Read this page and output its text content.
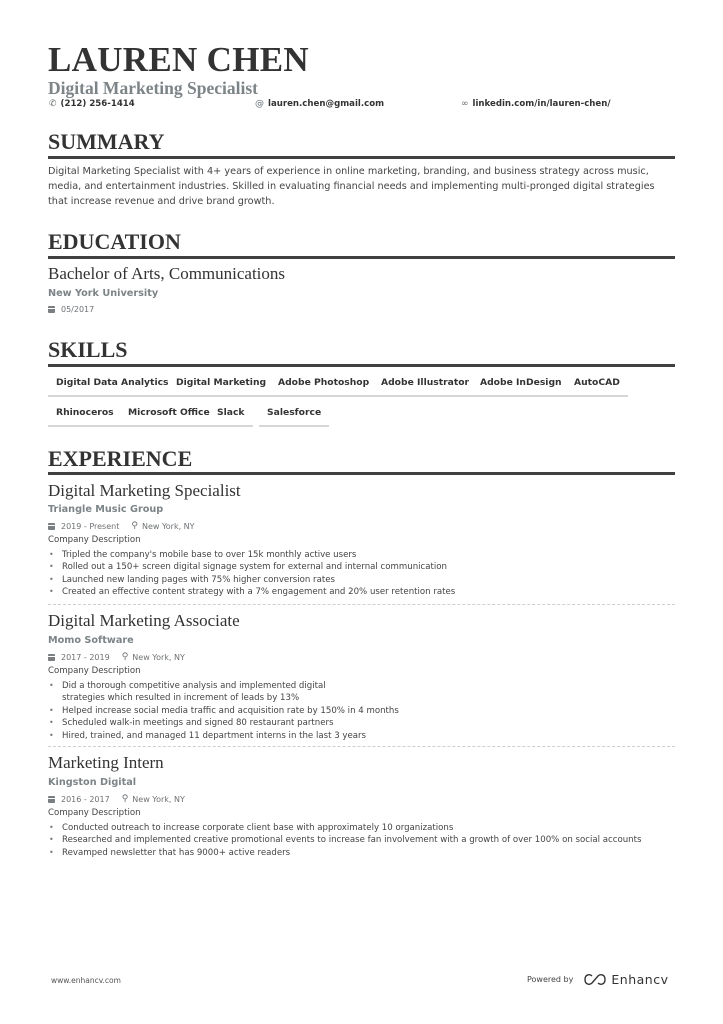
LAUREN CHEN
Digital Marketing Specialist
✆ (212) 256-1414	@ lauren.chen@gmail.com	∞ linkedin.com/in/lauren-chen/
SUMMARY
Digital Marketing Specialist with 4+ years of experience in online marketing, branding, and business strategy across music, media, and entertainment industries. Skilled in evaluating financial needs and implementing multi-pronged digital strategies that increase revenue and drive brand growth.
EDUCATION
Bachelor of Arts, Communications
New York University
05/2017
SKILLS
Digital Data Analytics Digital Marketing	Adobe Photoshop	Adobe Illustrator	Adobe InDesign	AutoCAD
Rhinoceros	Microsoft Office Slack	Salesforce
EXPERIENCE
Digital Marketing Specialist
Triangle Music Group
2019 - Present ⚲ New York, NY
Company Description
• Tripled the company's mobile base to over 15k monthly active users
• Rolled out a 150+ screen digital signage system for external and internal communication
• Launched new landing pages with 75% higher conversion rates
• Created an effective content strategy with a 7% engagement and 20% user retention rates
Digital Marketing Associate
Momo Software
2017 - 2019 ⚲ New York, NY
Company Description
• Did a thorough competitive analysis and implemented digital strategies which resulted in increment of leads by 13%
• Helped increase social media traffic and acquisition rate by 150% in 4 months
• Scheduled walk-in meetings and signed 80 restaurant partners
• Hired, trained, and managed 11 department interns in the last 3 years
Marketing Intern
Kingston Digital
2016 - 2017 ⚲ New York, NY
Company Description
• Conducted outreach to increase corporate client base with approximately 10 organizations
• Researched and implemented creative promotional events to increase fan involvement with a growth of over 100% on social accounts
• Revamped newsletter that has 9000+ active readers
www.enhancv.com	Powered by	Enhancv
